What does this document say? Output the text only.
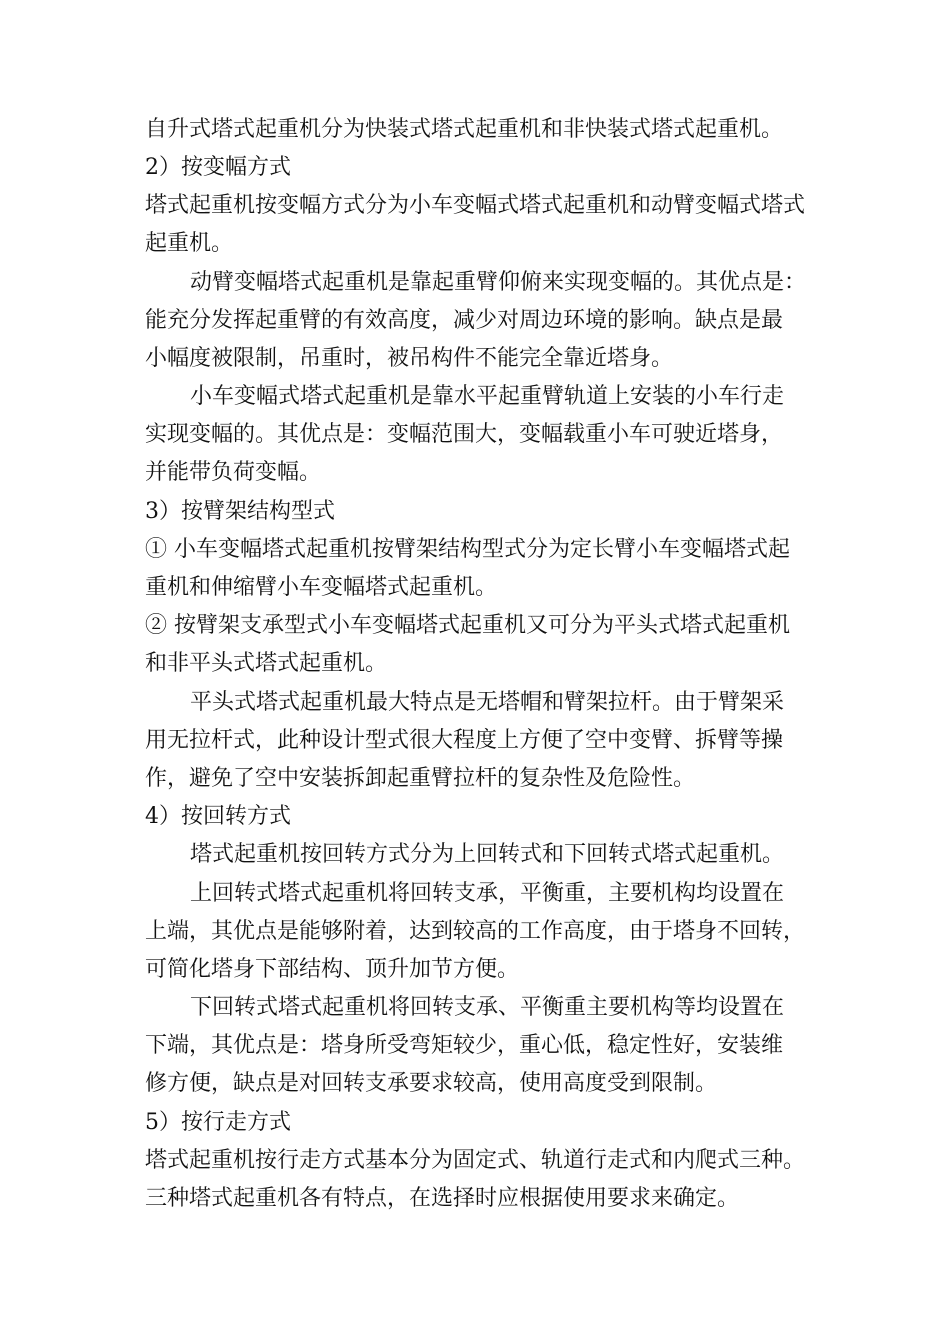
自升式塔式起重机分为快装式塔式起重机和非快装式塔式起重机。
2）按变幅方式
塔式起重机按变幅方式分为小车变幅式塔式起重机和动臂变幅式塔式
起重机。
动臂变幅塔式起重机是靠起重臂仰俯来实现变幅的。其优点是：
能充分发挥起重臂的有效高度，减少对周边环境的影响。缺点是最
小幅度被限制，吊重时，被吊构件不能完全靠近塔身。
小车变幅式塔式起重机是靠水平起重臂轨道上安装的小车行走
实现变幅的。其优点是：变幅范围大，变幅载重小车可驶近塔身，
并能带负荷变幅。
3）按臂架结构型式
① 小车变幅塔式起重机按臂架结构型式分为定长臂小车变幅塔式起
重机和伸缩臂小车变幅塔式起重机。
② 按臂架支承型式小车变幅塔式起重机又可分为平头式塔式起重机
和非平头式塔式起重机。
平头式塔式起重机最大特点是无塔帽和臂架拉杆。由于臂架采
用无拉杆式，此种设计型式很大程度上方便了空中变臂、拆臂等操
作，避免了空中安装拆卸起重臂拉杆的复杂性及危险性。
4）按回转方式
塔式起重机按回转方式分为上回转式和下回转式塔式起重机。
上回转式塔式起重机将回转支承，平衡重，主要机构均设置在
上端，其优点是能够附着，达到较高的工作高度，由于塔身不回转，
可简化塔身下部结构、顶升加节方便。
下回转式塔式起重机将回转支承、平衡重主要机构等均设置在
下端，其优点是：塔身所受弯矩较少，重心低，稳定性好，安装维
修方便，缺点是对回转支承要求较高，使用高度受到限制。
5）按行走方式
塔式起重机按行走方式基本分为固定式、轨道行走式和内爬式三种。
三种塔式起重机各有特点，在选择时应根据使用要求来确定。
